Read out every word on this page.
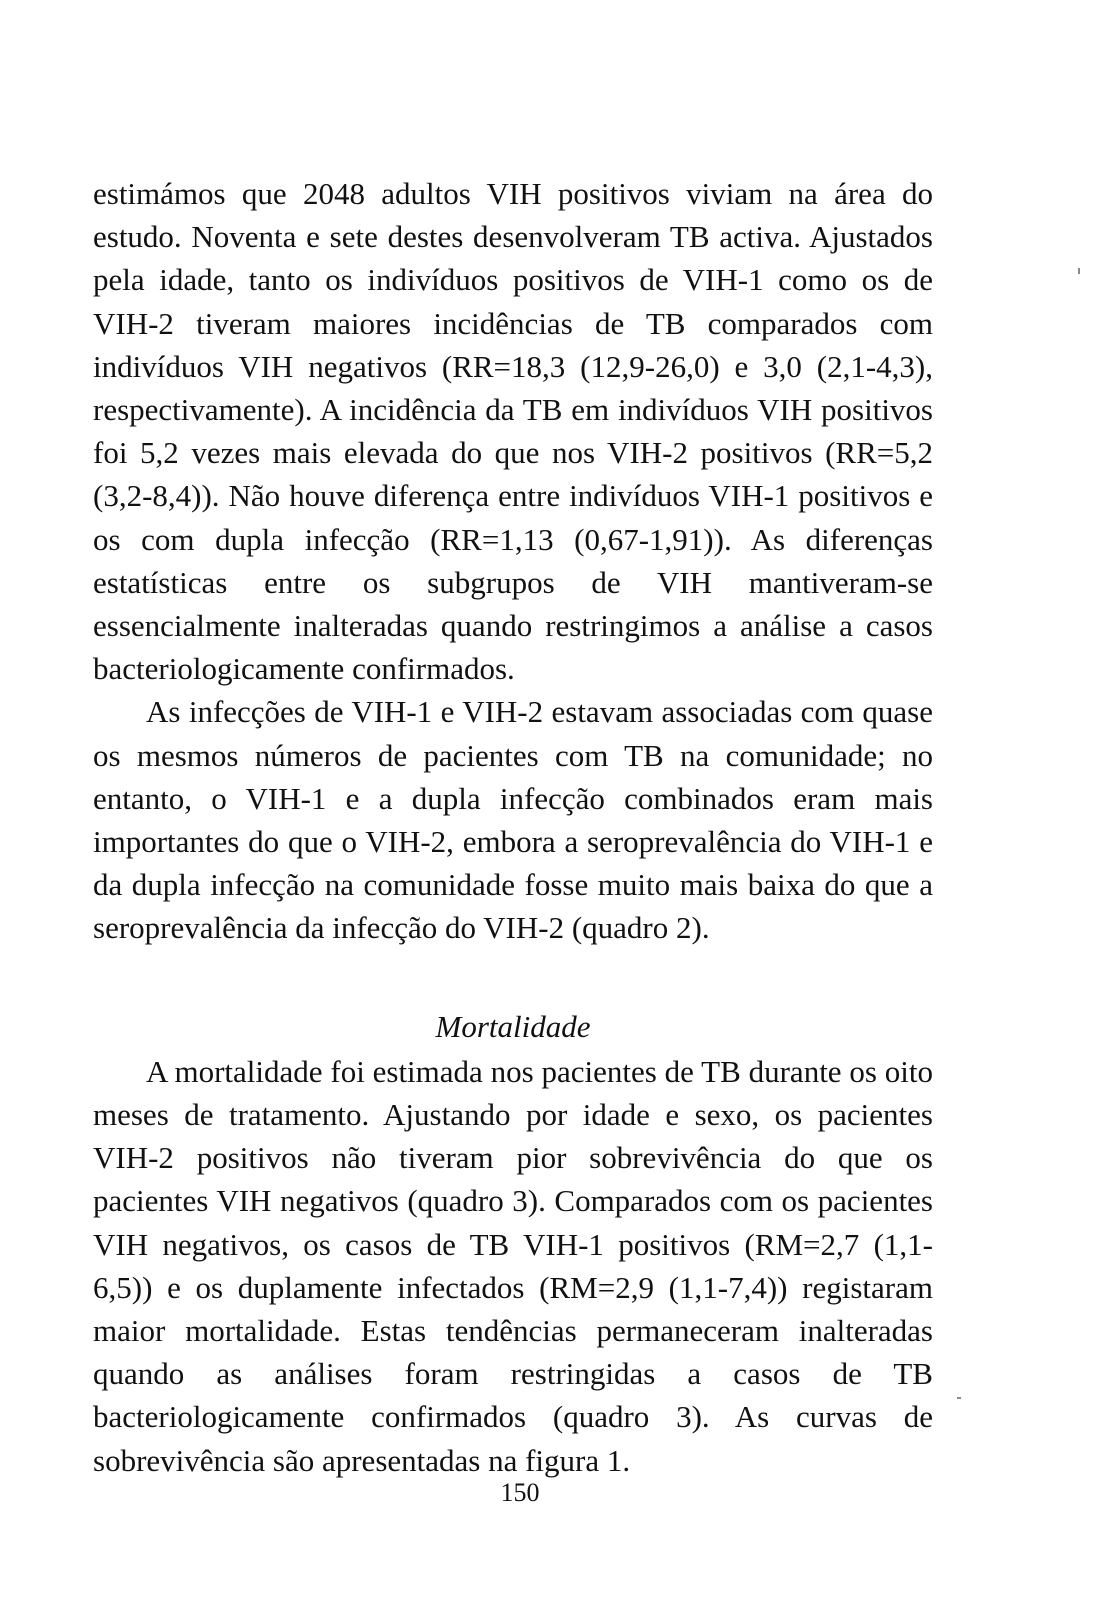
estimámos que 2048 adultos VIH positivos viviam na área do estudo. Noventa e sete destes desenvolveram TB activa. Ajustados pela idade, tanto os indivíduos positivos de VIH-1 como os de VIH-2 tiveram maiores incidências de TB comparados com indivíduos VIH negativos (RR=18,3 (12,9-26,0) e 3,0 (2,1-4,3), respectivamente). A incidência da TB em indivíduos VIH positivos foi 5,2 vezes mais elevada do que nos VIH-2 positivos (RR=5,2 (3,2-8,4)). Não houve diferença entre indivíduos VIH-1 positivos e os com dupla infecção (RR=1,13 (0,67-1,91)). As diferenças estatísticas entre os subgrupos de VIH mantiveram-se essencialmente inalteradas quando restringimos a análise a casos bacteriologicamente confirmados.

As infecções de VIH-1 e VIH-2 estavam associadas com quase os mesmos números de pacientes com TB na comunidade; no entanto, o VIH-1 e a dupla infecção combinados eram mais importantes do que o VIH-2, embora a seroprevalência do VIH-1 e da dupla infecção na comunidade fosse muito mais baixa do que a seroprevalência da infecção do VIH-2 (quadro 2).

Mortalidade

A mortalidade foi estimada nos pacientes de TB durante os oito meses de tratamento. Ajustando por idade e sexo, os pacientes VIH-2 positivos não tiveram pior sobrevivência do que os pacientes VIH negativos (quadro 3). Comparados com os pacientes VIH negativos, os casos de TB VIH-1 positivos (RM=2,7 (1,1-6,5)) e os duplamente infectados (RM=2,9 (1,1-7,4)) registaram maior mortalidade. Estas tendências permaneceram inalteradas quando as análises foram restringidas a casos de TB bacteriologicamente confirmados (quadro 3). As curvas de sobrevivência são apresentadas na figura 1.

150
